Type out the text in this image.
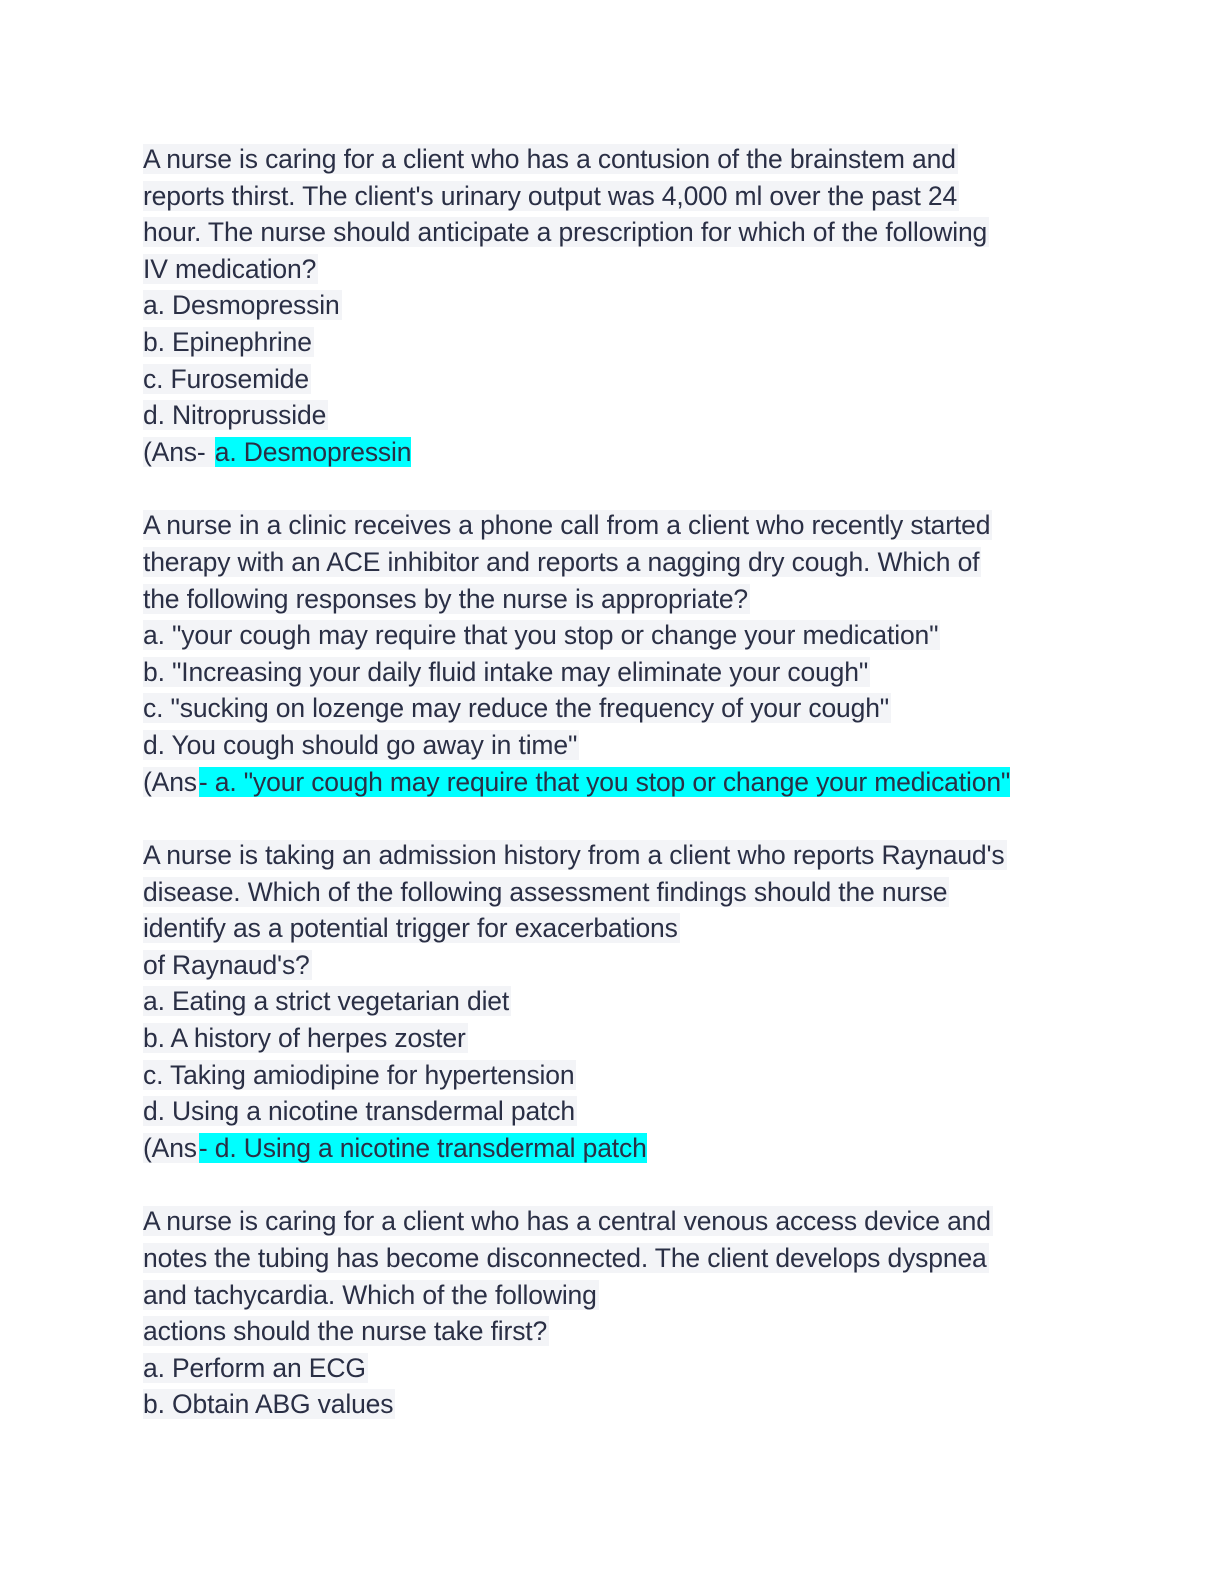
A nurse is caring for a client who has a contusion of the brainstem and
reports thirst. The client's urinary output was 4,000 ml over the past 24
hour. The nurse should anticipate a prescription for which of the following
IV medication?
a. Desmopressin
b. Epinephrine
c. Furosemide
d. Nitroprusside
(Ans- a. Desmopressin
A nurse in a clinic receives a phone call from a client who recently started
therapy with an ACE inhibitor and reports a nagging dry cough. Which of
the following responses by the nurse is appropriate?
a. "your cough may require that you stop or change your medication"
b. "Increasing your daily fluid intake may eliminate your cough"
c. "sucking on lozenge may reduce the frequency of your cough"
d. You cough should go away in time"
(Ans- a. "your cough may require that you stop or change your medication"
A nurse is taking an admission history from a client who reports Raynaud's
disease. Which of the following assessment findings should the nurse
identify as a potential trigger for exacerbations
of Raynaud's?
a. Eating a strict vegetarian diet
b. A history of herpes zoster
c. Taking amiodipine for hypertension
d. Using a nicotine transdermal patch
(Ans- d. Using a nicotine transdermal patch
A nurse is caring for a client who has a central venous access device and
notes the tubing has become disconnected. The client develops dyspnea
and tachycardia. Which of the following
actions should the nurse take first?
a. Perform an ECG
b. Obtain ABG values
